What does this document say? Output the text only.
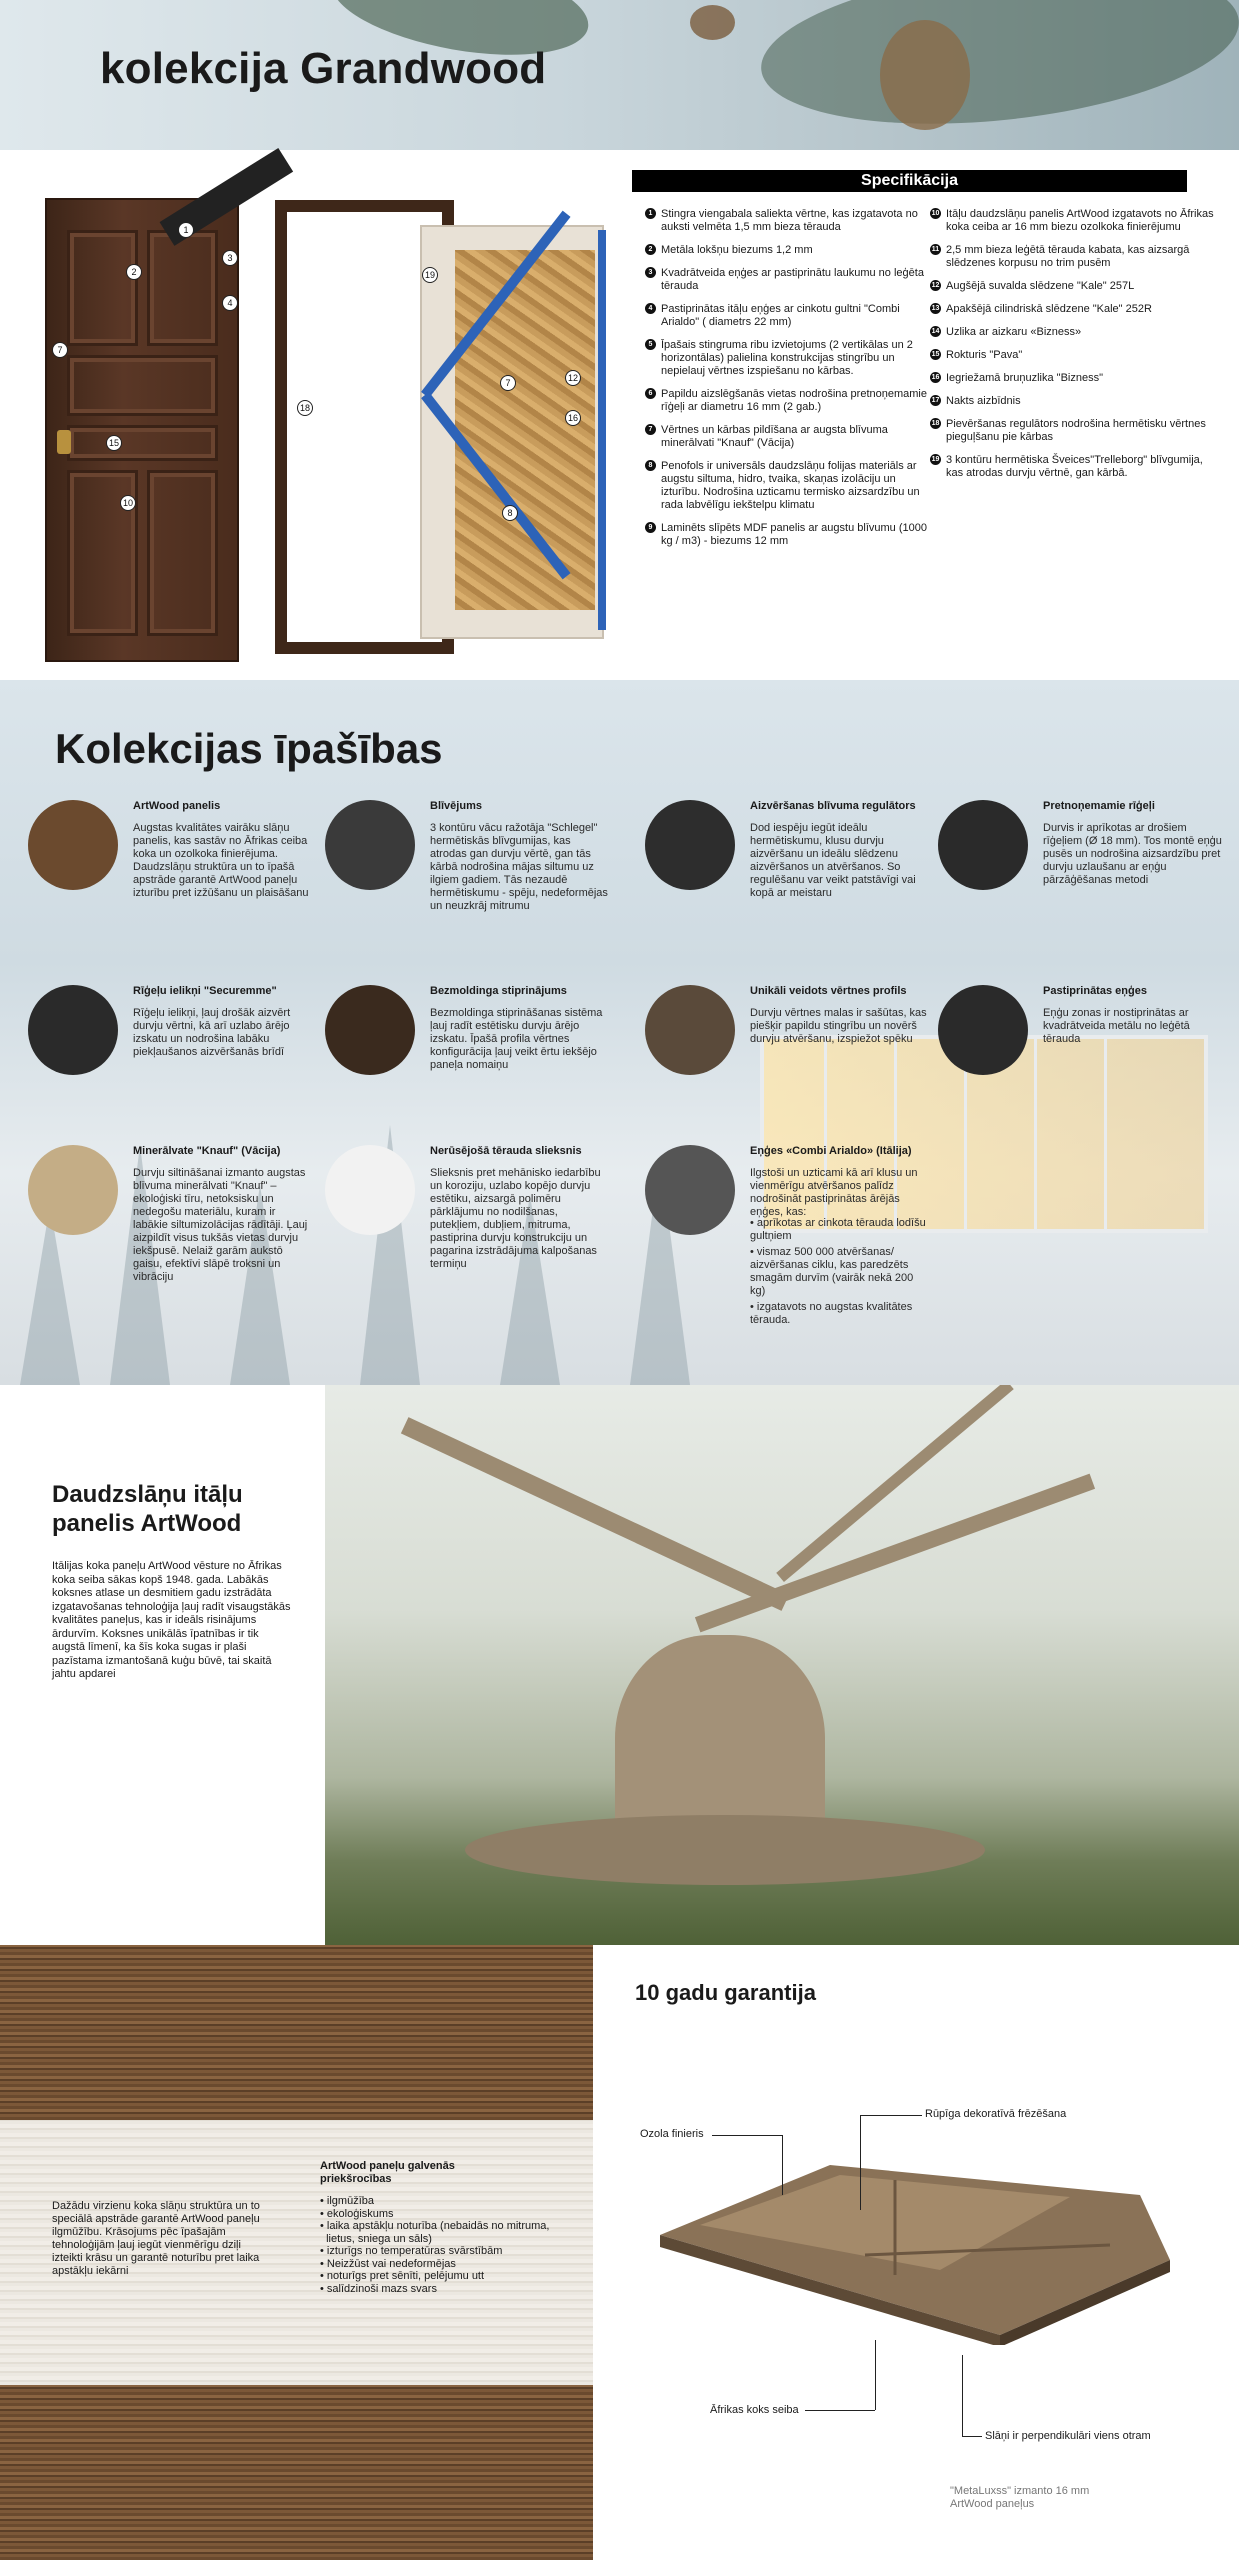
kolekcija Grandwood
1
2
3
4
7
10
15
18
19
7	12
16
8
Specifikācija
1 Stingra viengabala saliekta vērtne, kas izgatavota no auksti velmēta 1,5 mm bieza tērauda
2 Metāla lokšņu biezums 1,2 mm
3 Kvadrātveida eņģes ar pastiprinātu laukumu no leģēta tērauda
4 Pastiprinātas itāļu eņģes ar cinkotu gultni "Combi Arialdo" ( diametrs 22 mm)
5 Īpašais stingruma ribu izvietojums (2 vertikālas un 2 horizontālas) palielina konstrukcijas stingrību un nepielauj vērtnes izspiešanu no kārbas.
6 Papildu aizslēgšanās vietas nodrošina pretnoņemamie rīģeļi ar diametru 16 mm (2 gab.)
7 Vērtnes un kārbas pildīšana ar augsta blīvuma minerālvati "Knauf" (Vācija)
8 Penofols ir universāls daudzslāņu folijas materiāls ar augstu siltuma, hidro, tvaika, skaņas izolāciju un izturību. Nodrošina uzticamu termisko aizsardzību un rada labvēlīgu iekštelpu klimatu
9 Laminēts slīpēts MDF panelis ar augstu blīvumu (1000 kg / m3) - biezums 12 mm
10 Itāļu daudzslāņu panelis ArtWood izgatavots no Āfrikas koka ceiba ar 16 mm biezu ozolkoka finierējumu
11 2,5 mm bieza leģētā tērauda kabata, kas aizsargā slēdzenes korpusu no trim pusēm
12 Augšējā suvalda slēdzene "Kale" 257L
13 Apakšējā cilindriskā slēdzene "Kale" 252R
14 Uzlika ar aizkaru «Bizness»
15 Rokturis "Pava"
16 Iegriežamā bruņuzlika "Bizness"
17 Nakts aizbīdnis
18 Pievēršanas regulātors nodrošina hermētisku vērtnes pieguļšanu pie kārbas
19 3 kontūru hermētiska Šveices"Trelleborg" blīvgumija, kas atrodas durvju vērtnē, gan kārbā.
Kolekcijas īpašības
ArtWood panelis
Augstas kvalitātes vairāku slāņu panelis, kas sastāv no Āfrikas ceiba koka un ozolkoka finierējuma. Daudzslāņu struktūra un to īpašā apstrāde garantē ArtWood paneļu izturību pret izžūšanu un plaisāšanu
Blīvējums
3 kontūru vācu ražotāja "Schlegel" hermētiskās blīvgumijas, kas atrodas gan durvju vērtē, gan tās kārbā nodrošina mājas siltumu uz ilgiem gadiem. Tās nezaudē hermētiskumu - spēju, nedeformējas un neuzkrāj mitrumu
Aizvēršanas blīvuma regulātors
Dod iespēju iegūt ideālu hermētiskumu, klusu durvju aizvēršanu un ideālu slēdzenu aizvēršanos un atvēršanos. So regulēšanu var veikt patstāvīgi vai kopā ar meistaru
Pretnoņemamie rīģeļi
Durvis ir aprīkotas ar drošiem rīģeļiem (Ø 18 mm). Tos montē eņģu pusēs un nodrošina aizsardzību pret durvju uzlaušanu ar eņģu pārzāģēšanas metodi
Rīģeļu ielikņi "Securemme"
Rīģeļu ielikņi, ļauj drošāk aizvērt durvju vērtni, kā arī uzlabo ārējo izskatu un nodrošina labāku piekļaušanos aizvēršanās brīdī
Bezmoldinga stiprinājums
Bezmoldinga stiprināšanas sistēma ļauj radīt estētisku durvju ārējo izskatu. Īpašā profila vērtnes konfigurācija ļauj veikt ērtu iekšējo paneļa nomaiņu
Unikāli veidots vērtnes profils
Durvju vērtnes malas ir sašūtas, kas piešķir papildu stingrību un novērš durvju atvēršanu, izspiežot spēku
Pastiprinātas eņģes
Eņģu zonas ir nostiprinātas ar kvadrātveida metālu no leģētā tērauda
Minerālvate "Knauf" (Vācija)
Durvju siltināšanai izmanto augstas blīvuma minerālvati "Knauf" – ekoloģiski tīru, netoksisku un nedegošu materiālu, kuram ir labākie siltumizolācijas rādītāji. Ļauj aizpildīt visus tukšās vietas durvju iekšpusē. Nelaiž garām aukstō gaisu, efektīvi slāpē troksni un vibrāciju
Nerūsējošā tērauda slieksnis
Slieksnis pret mehānisko iedarbību un koroziju, uzlabo kopējo durvju estētiku, aizsargā polimēru pārklājumu no nodilšanas, putekļiem, dubļiem, mitruma, pastiprina durvju konstrukciju un pagarina izstrādājuma kalpošanas termiņu
Eņģes «Combi Arialdo» (Itālija)
Ilgstoši un uzticami kā arī klusu un vienmērīgu atvēršanos palīdz nodrošināt pastiprinātas ārējās eņģes, kas:
• aprīkotas ar cinkota tērauda lodīšu gultņiem
• vismaz 500 000 atvēršanas/ aizvēršanas ciklu, kas paredzēts smagām durvīm (vairāk nekā 200 kg)
• izgatavots no augstas kvalitātes tērauda.
Daudzslāņu itāļu panelis ArtWood
Itālijas koka paneļu ArtWood vēsture no Āfrikas koka seiba sākas kopš 1948. gada. Labākās koksnes atlase un desmitiem gadu izstrādāta izgatavošanas tehnoloģija ļauj radīt visaugstākās kvalitātes paneļus, kas ir ideāls risinājums ārdurvīm. Koksnes unikālās īpatnības ir tik augstā līmenī, ka šīs koka sugas ir plaši pazīstama izmantošanā kuģu būvē, tai skaitā jahtu apdarei
Dažādu virzienu koka slāņu struktūra un to speciālā apstrāde garantē ArtWood paneļu ilgmūžību. Krāsojums pēc īpašajām tehnoloģijām ļauj iegūt vienmērīgu dziļi izteikti krāsu un garantē noturību pret laika apstākļu iekārni
ArtWood paneļu galvenās priekšrocības
• ilgmūžība
• ekoloģiskums
• laika apstākļu noturība (nebaidās no mitruma,
lietus, sniega un sāls)
• izturīgs no temperatūras svārstībām
• Neizžūst vai nedeformējas
• noturīgs pret sēnīti, pelējumu utt
• salīdzinoši mazs svars
10 gadu garantija
Ozola finieris
Rūpīga dekoratīvā frēzēšana
Āfrikas koks seiba
Slāņi ir perpendikulāri viens otram
"MetaLuxss" izmanto 16 mm ArtWood paneļus
